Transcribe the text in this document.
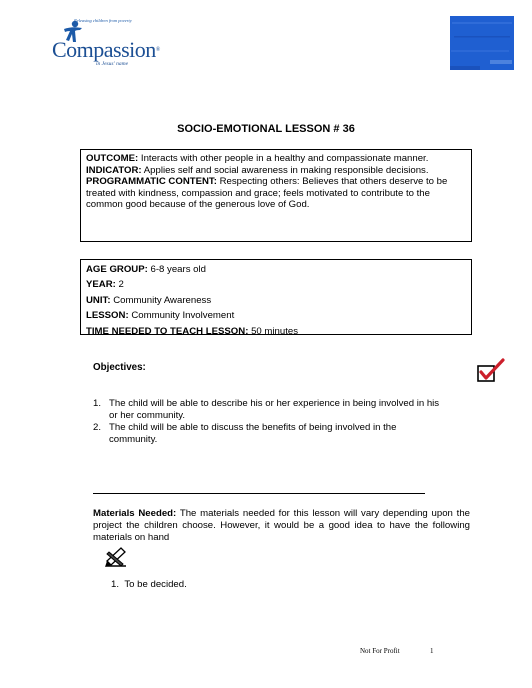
Releasing children from poverty
Compassion®
in Jesus' name
SOCIO-EMOTIONAL LESSON # 36

OUTCOME: Interacts with other people in a healthy and compassionate manner.

INDICATOR: Applies self and social awareness in making responsible decisions.

PROGRAMMATIC CONTENT: Respecting others: Believes that others deserve to be treated with kindness, compassion and grace; feels motivated to contribute to the common good because of the generous love of God.

AGE GROUP: 6-8 years old
YEAR: 2
UNIT: Community Awareness
LESSON: Community Involvement
TIME NEEDED TO TEACH LESSON: 50 minutes
Objectives:
1. The child will be able to describe his or her experience in being involved in his or her community.
2. The child will be able to discuss the benefits of being involved in the community.
Materials Needed: The materials needed for this lesson will vary depending upon the project the children choose. However, it would be a good idea to have the following materials on hand
1. To be decided.
Not For Profit	1
